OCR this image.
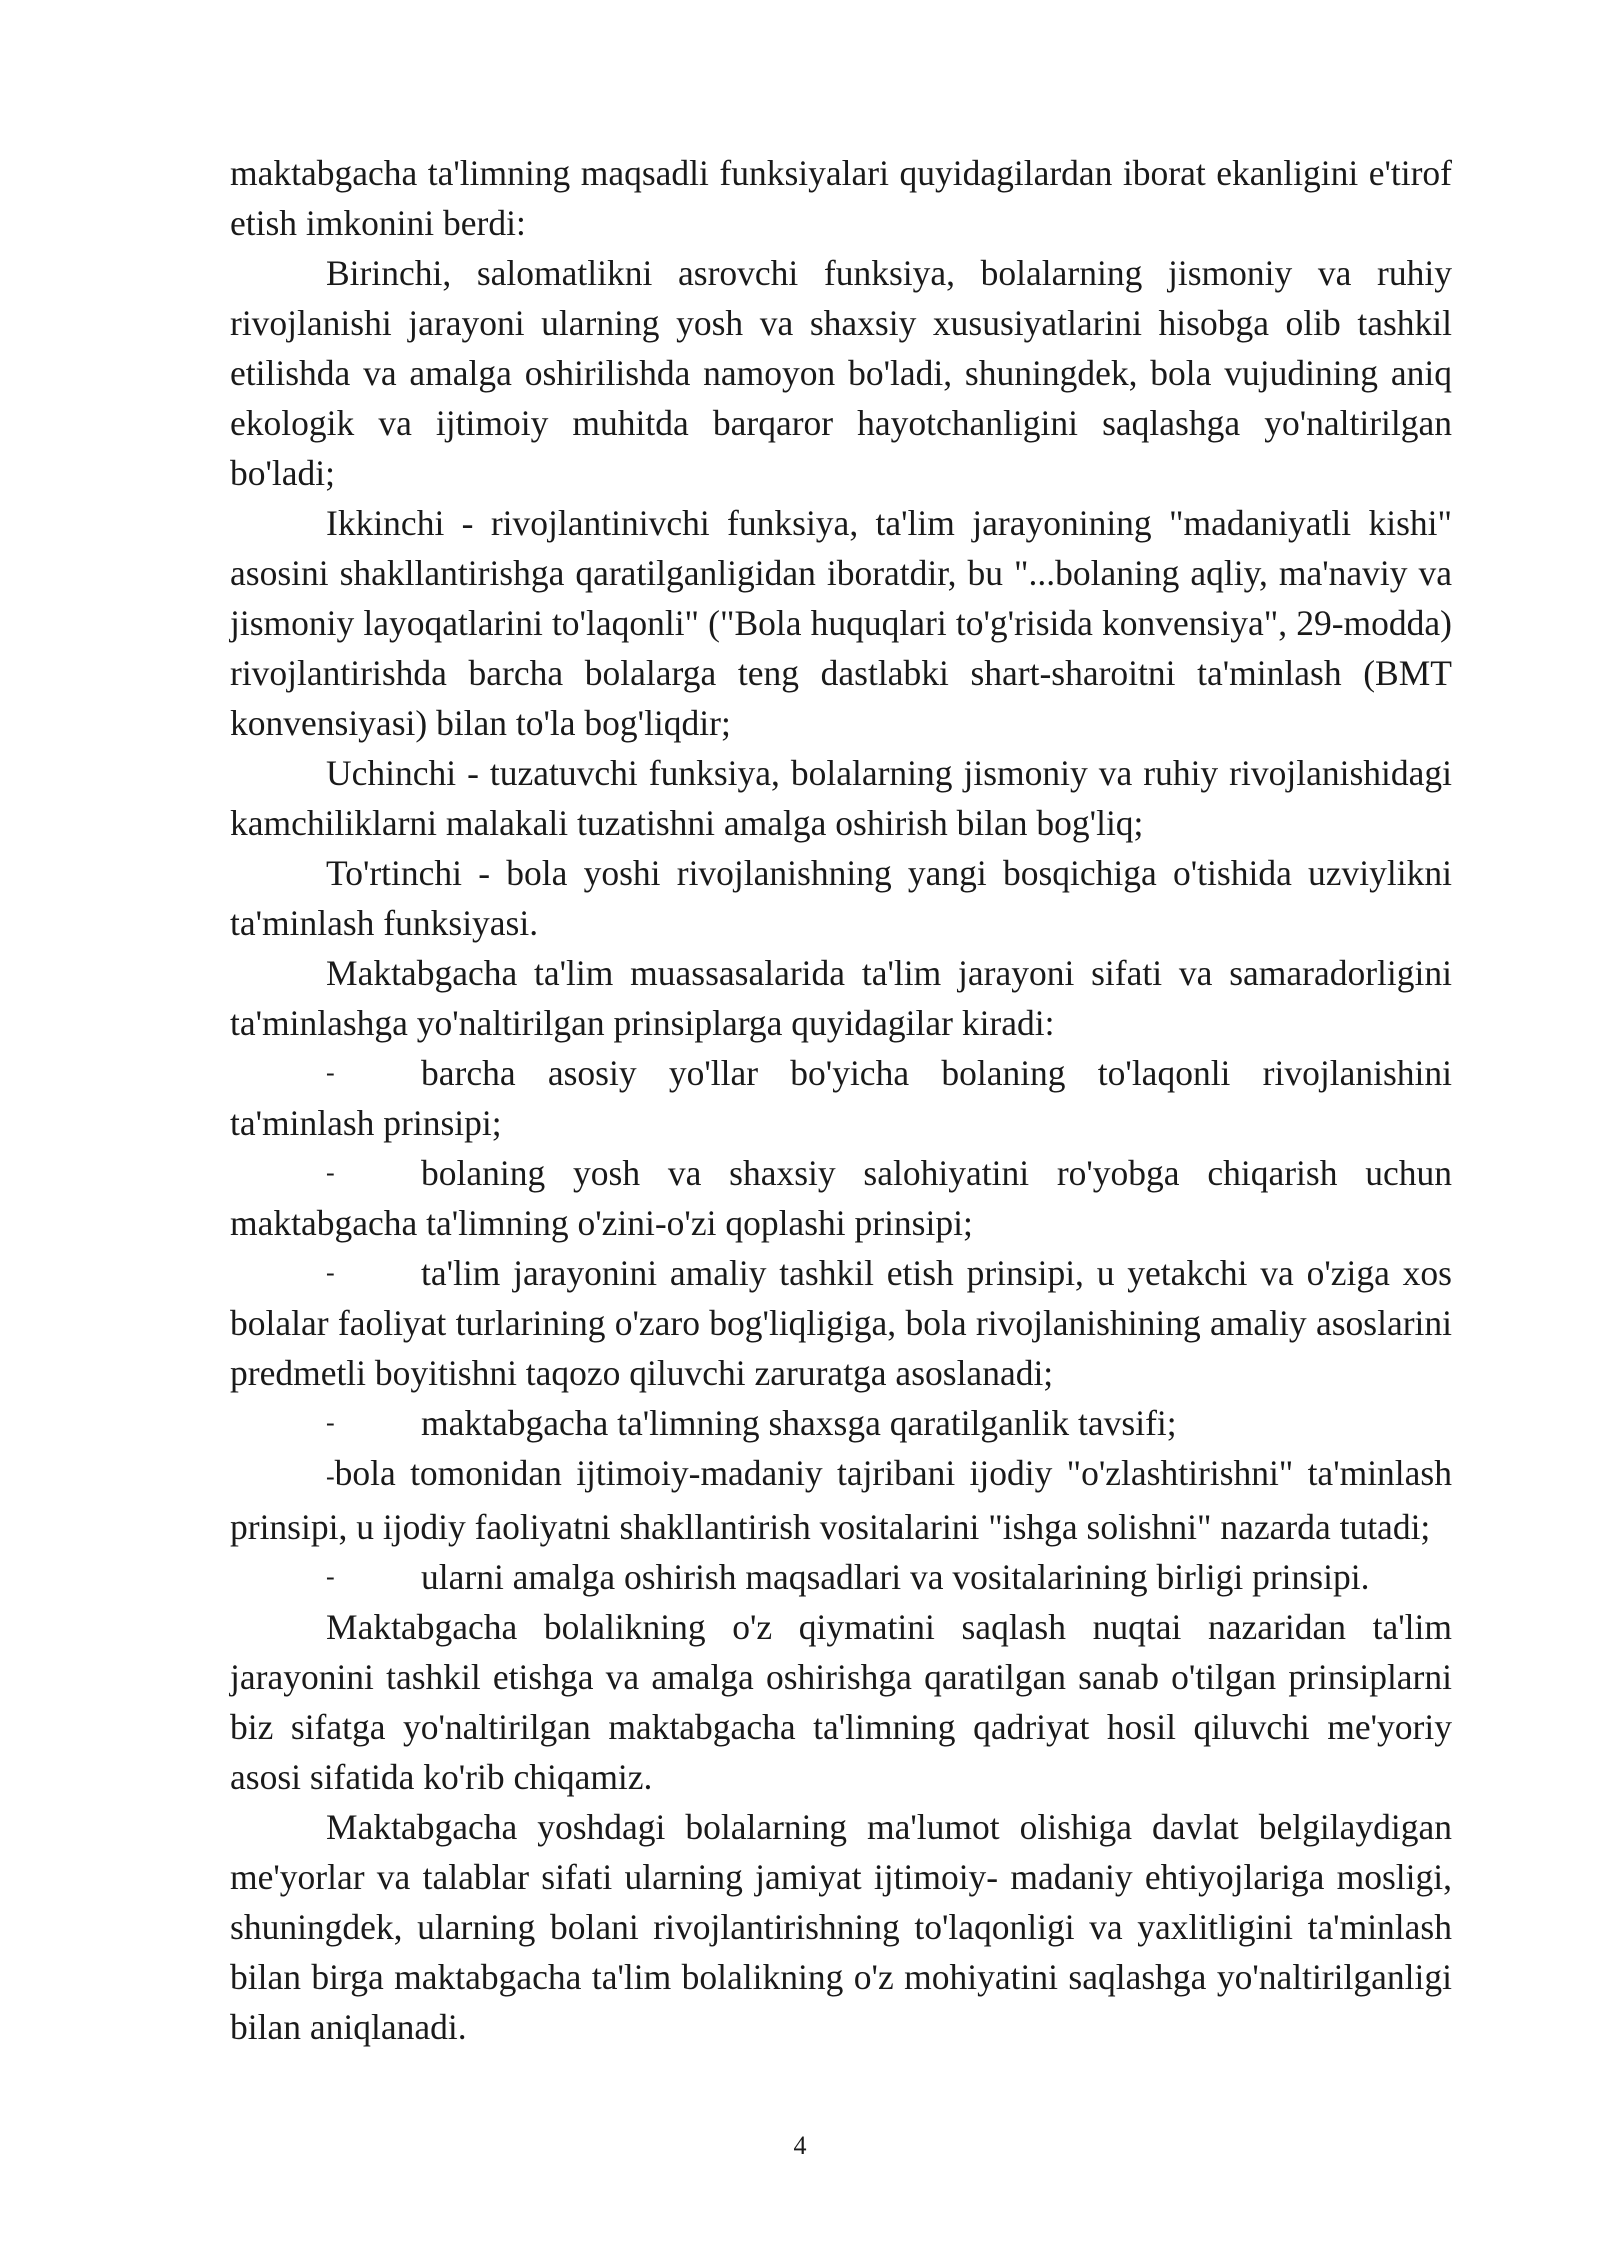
maktabgacha ta'limning maqsadli funksiyalari quyidagilardan iborat ekanligini e'tirof etish imkonini berdi:

Birinchi, salomatlikni asrovchi funksiya, bolalarning jismoniy va ruhiy rivojlanishi jarayoni ularning yosh va shaxsiy xususiyatlarini hisobga olib tashkil etilishda va amalga oshirilishda namoyon bo'ladi, shuningdek, bola vujudining aniq ekologik va ijtimoiy muhitda barqaror hayotchanligini saqlashga yo'naltirilgan bo'ladi;

Ikkinchi - rivojlantinivchi funksiya, ta'lim jarayonining "madaniyatli kishi" asosini shakllantirishga qaratilganligidan iboratdir, bu "...bolaning aqliy, ma'naviy va jismoniy layoqatlarini to'laqonli" ("Bola huquqlari to'g'risida konvensiya", 29-modda) rivojlantirishda barcha bolalarga teng dastlabki shart-sharoitni ta'minlash (BMT konvensiyasi) bilan to'la bog'liqdir;

Uchinchi - tuzatuvchi funksiya, bolalarning jismoniy va ruhiy rivojlanishidagi kamchiliklarni malakali tuzatishni amalga oshirish bilan bog'liq;

To'rtinchi - bola yoshi rivojlanishning yangi bosqichiga o'tishida uzviylikni ta'minlash funksiyasi.

Maktabgacha ta'lim muassasalarida ta'lim jarayoni sifati va samaradorligini ta'minlashga yo'naltirilgan prinsiplarga quyidagilar kiradi:

- barcha asosiy yo'llar bo'yicha bolaning to'laqonli rivojlanishini ta'minlash prinsipi;

- bolaning yosh va shaxsiy salohiyatini ro'yobga chiqarish uchun maktabgacha ta'limning o'zini-o'zi qoplashi prinsipi;

- ta'lim jarayonini amaliy tashkil etish prinsipi, u yetakchi va o'ziga xos bolalar faoliyat turlarining o'zaro bog'liqligiga, bola rivojlanishining amaliy asoslarini predmetli boyitishni taqozo qiluvchi zaruratga asoslanadi;

- maktabgacha ta'limning shaxsga qaratilganlik tavsifi;

-bola tomonidan ijtimoiy-madaniy tajribani ijodiy "o'zlashtirishni" ta'minlash prinsipi, u ijodiy faoliyatni shakllantirish vositalarini "ishga solishni" nazarda tutadi;

- ularni amalga oshirish maqsadlari va vositalarining birligi prinsipi.

Maktabgacha bolalikning o'z qiymatini saqlash nuqtai nazaridan ta'lim jarayonini tashkil etishga va amalga oshirishga qaratilgan sanab o'tilgan prinsiplarni biz sifatga yo'naltirilgan maktabgacha ta'limning qadriyat hosil qiluvchi me'yoriy asosi sifatida ko'rib chiqamiz.

Maktabgacha yoshdagi bolalarning ma'lumot olishiga davlat belgilaydigan me'yorlar va talablar sifati ularning jamiyat ijtimoiy- madaniy ehtiyojlariga mosligi, shuningdek, ularning bolani rivojlantirishning to'laqonligi va yaxlitligini ta'minlash bilan birga maktabgacha ta'lim bolalikning o'z mohiyatini saqlashga yo'naltirilganligi bilan aniqlanadi.

4
